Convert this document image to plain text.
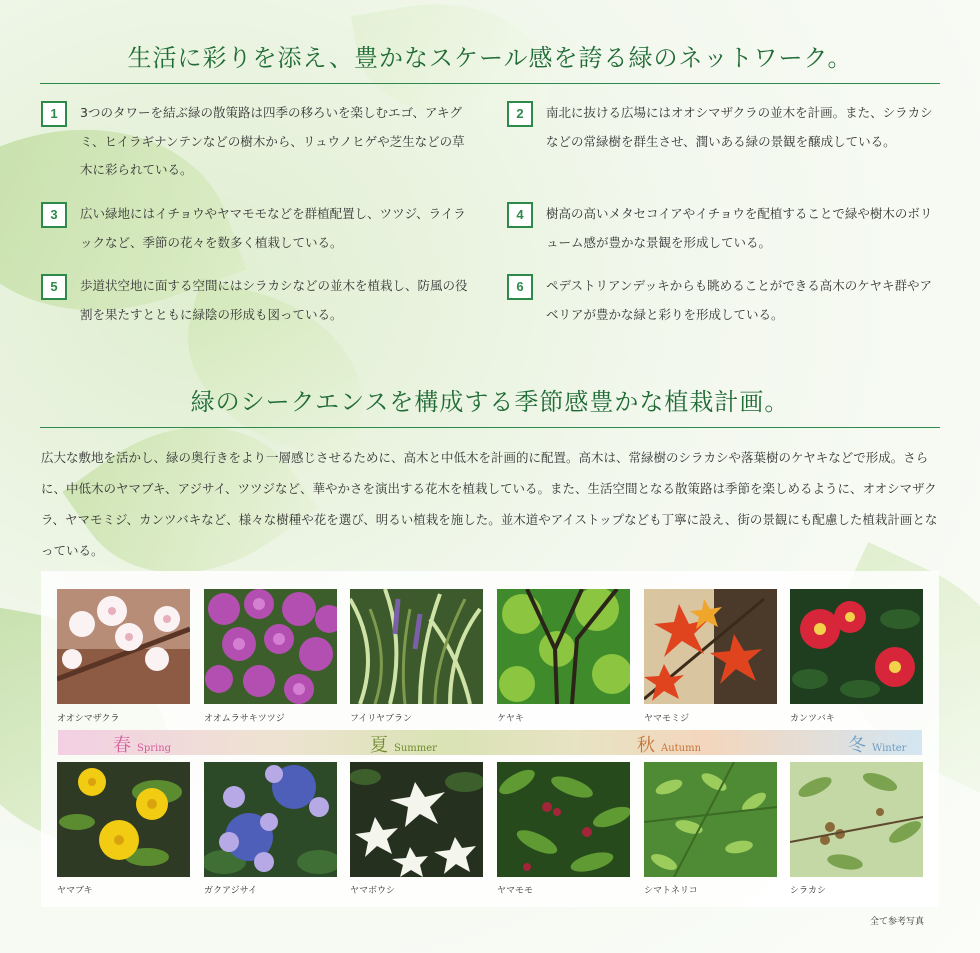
生活に彩りを添え、豊かなスケール感を誇る緑のネットワーク。
1	3つのタワーを結ぶ緑の散策路は四季の移ろいを楽しむエゴ、アキグミ、ヒイラギナンテンなどの樹木から、リュウノヒゲや芝生などの草木に彩られている。
2	南北に抜ける広場にはオオシマザクラの並木を計画。また、シラカシなどの常緑樹を群生させ、潤いある緑の景観を醸成している。
3	広い緑地にはイチョウやヤマモモなどを群植配置し、ツツジ、ライラックなど、季節の花々を数多く植栽している。
4	樹高の高いメタセコイアやイチョウを配植することで緑や樹木のボリューム感が豊かな景観を形成している。
5	歩道状空地に面する空間にはシラカシなどの並木を植栽し、防風の役割を果たすとともに緑陰の形成も図っている。
6	ペデストリアンデッキからも眺めることができる高木のケヤキ群やアベリアが豊かな緑と彩りを形成している。
緑のシークエンスを構成する季節感豊かな植栽計画。
広大な敷地を活かし、緑の奥行きをより一層感じさせるために、高木と中低木を計画的に配置。高木は、常緑樹のシラカシや落葉樹のケヤキなどで形成。さらに、中低木のヤマブキ、アジサイ、ツツジなど、華やかさを演出する花木を植栽している。また、生活空間となる散策路は季節を楽しめるように、オオシマザクラ、ヤマモミジ、カンツバキなど、様々な樹種や花を選び、明るい植栽を施した。並木道やアイストップなども丁寧に設え、街の景観にも配慮した植栽計画となっている。
オオシマザクラ	オオムラサキツツジ	フイリヤブラン	ケヤキ	ヤマモミジ	カンツバキ
春 Spring	夏 Summer	秋 Autumn	冬 Winter
ヤマブキ	ガクアジサイ	ヤマボウシ	ヤマモモ	シマトネリコ	シラカシ
全て参考写真
